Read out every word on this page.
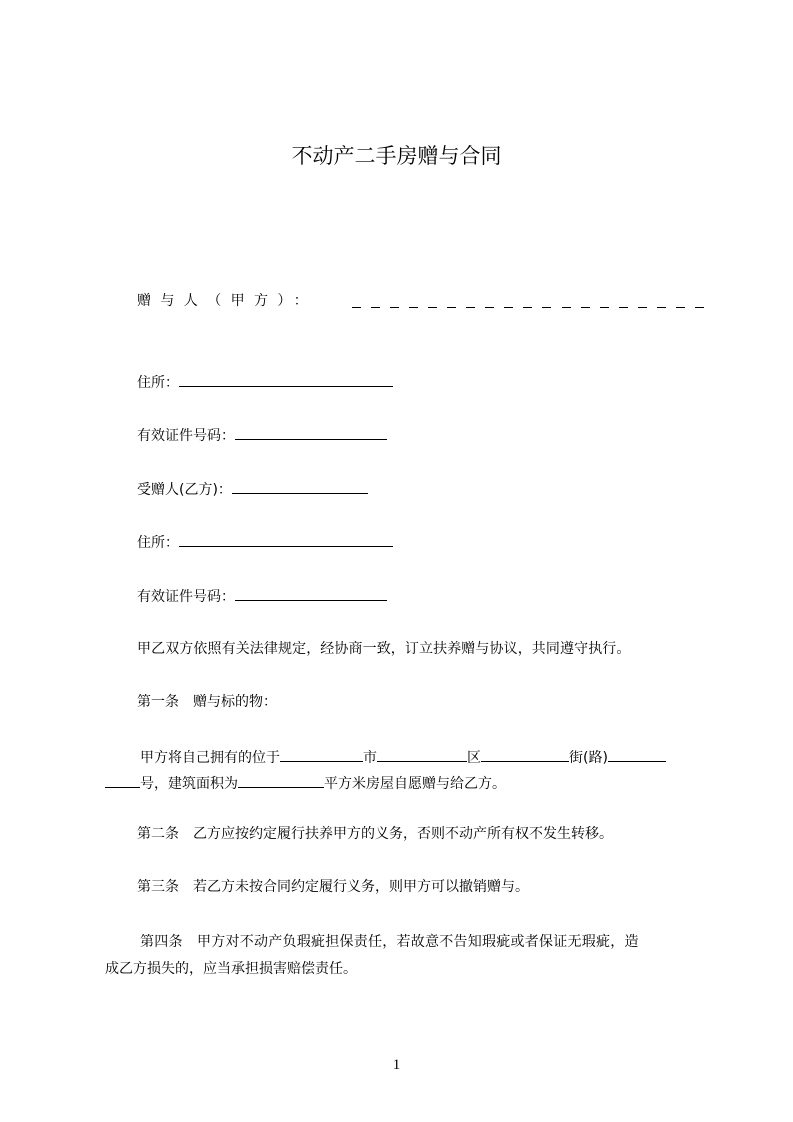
不动产二手房赠与合同
赠与人（甲方）：
住所：
有效证件号码：
受赠人(乙方)：
住所：
有效证件号码：
甲乙双方依照有关法律规定，经协商一致，订立扶养赠与协议，共同遵守执行。
第一条　赠与标的物：
甲方将自己拥有的位于	市	区	街(路)
号，建筑面积为	平方米房屋自愿赠与给乙方。
第二条　乙方应按约定履行扶养甲方的义务，否则不动产所有权不发生转移。
第三条　若乙方未按合同约定履行义务，则甲方可以撤销赠与。
第四条　甲方对不动产负瑕疵担保责任，若故意不告知瑕疵或者保证无瑕疵，造
成乙方损失的，应当承担损害赔偿责任。
1
